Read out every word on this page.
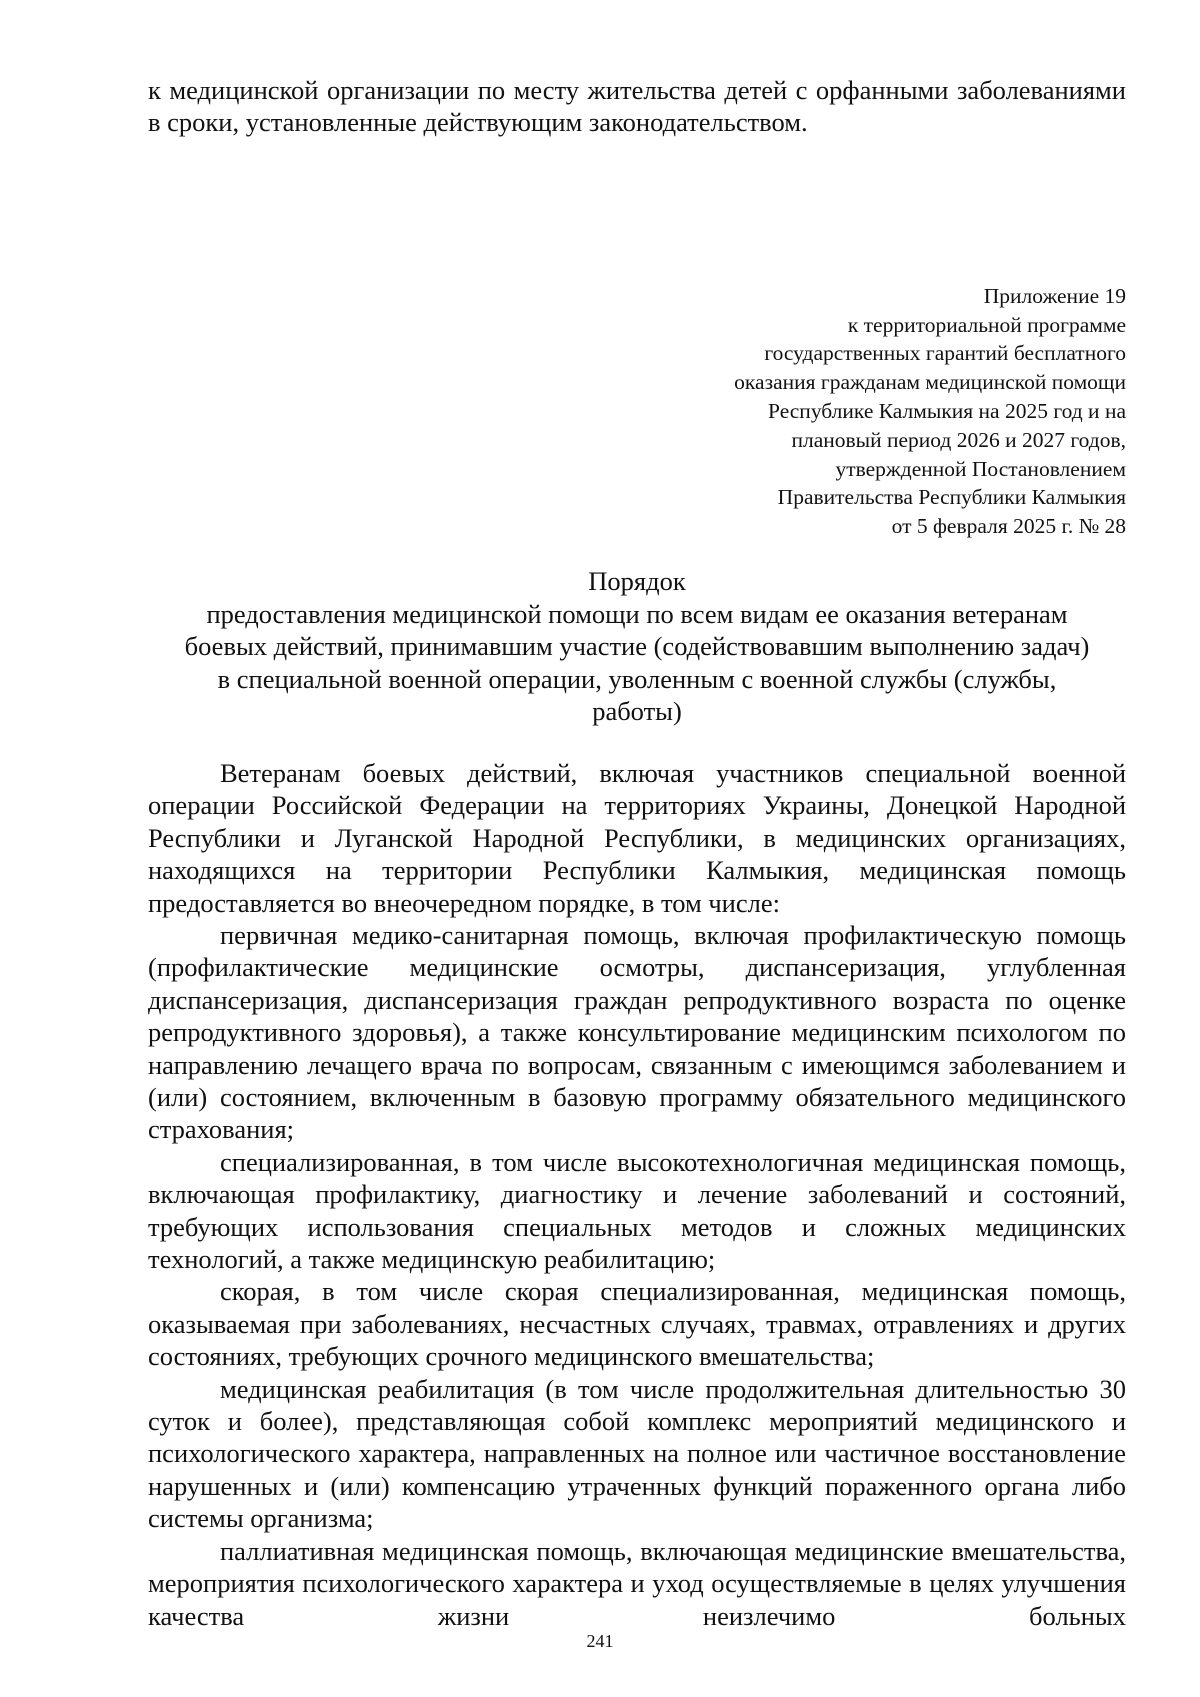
к медицинской организации по месту жительства детей с орфанными заболеваниями в сроки, установленные действующим законодательством.

Приложение 19
к территориальной программе
государственных гарантий бесплатного
оказания гражданам медицинской помощи
Республике Калмыкия на 2025 год и на
плановый период 2026 и 2027 годов,
утвержденной Постановлением
Правительства Республики Калмыкия
от 5 февраля 2025 г. № 28
Порядок
предоставления медицинской помощи по всем видам ее оказания ветеранам
боевых действий, принимавшим участие (содействовавшим выполнению задач)
в специальной военной операции, уволенным с военной службы (службы,
работы)

Ветеранам боевых действий, включая участников специальной военной операции Российской Федерации на территориях Украины, Донецкой Народной Республики и Луганской Народной Республики, в медицинских организациях, находящихся на территории Республики Калмыкия, медицинская помощь предоставляется во внеочередном порядке, в том числе:

первичная медико-санитарная помощь, включая профилактическую помощь (профилактические медицинские осмотры, диспансеризация, углубленная диспансеризация, диспансеризация граждан репродуктивного возраста по оценке репродуктивного здоровья), а также консультирование медицинским психологом по направлению лечащего врача по вопросам, связанным с имеющимся заболеванием и (или) состоянием, включенным в базовую программу обязательного медицинского страхования;

специализированная, в том числе высокотехнологичная медицинская помощь, включающая профилактику, диагностику и лечение заболеваний и состояний, требующих использования специальных методов и сложных медицинских технологий, а также медицинскую реабилитацию;

скорая, в том числе скорая специализированная, медицинская помощь, оказываемая при заболеваниях, несчастных случаях, травмах, отравлениях и других состояниях, требующих срочного медицинского вмешательства;

медицинская реабилитация (в том числе продолжительная длительностью 30 суток и более), представляющая собой комплекс мероприятий медицинского и психологического характера, направленных на полное или частичное восстановление нарушенных и (или) компенсацию утраченных функций пораженного органа либо системы организма;

паллиативная медицинская помощь, включающая медицинские вмешательства, мероприятия психологического характера и уход осуществляемые в целях улучшения качества жизни неизлечимо больных

241
